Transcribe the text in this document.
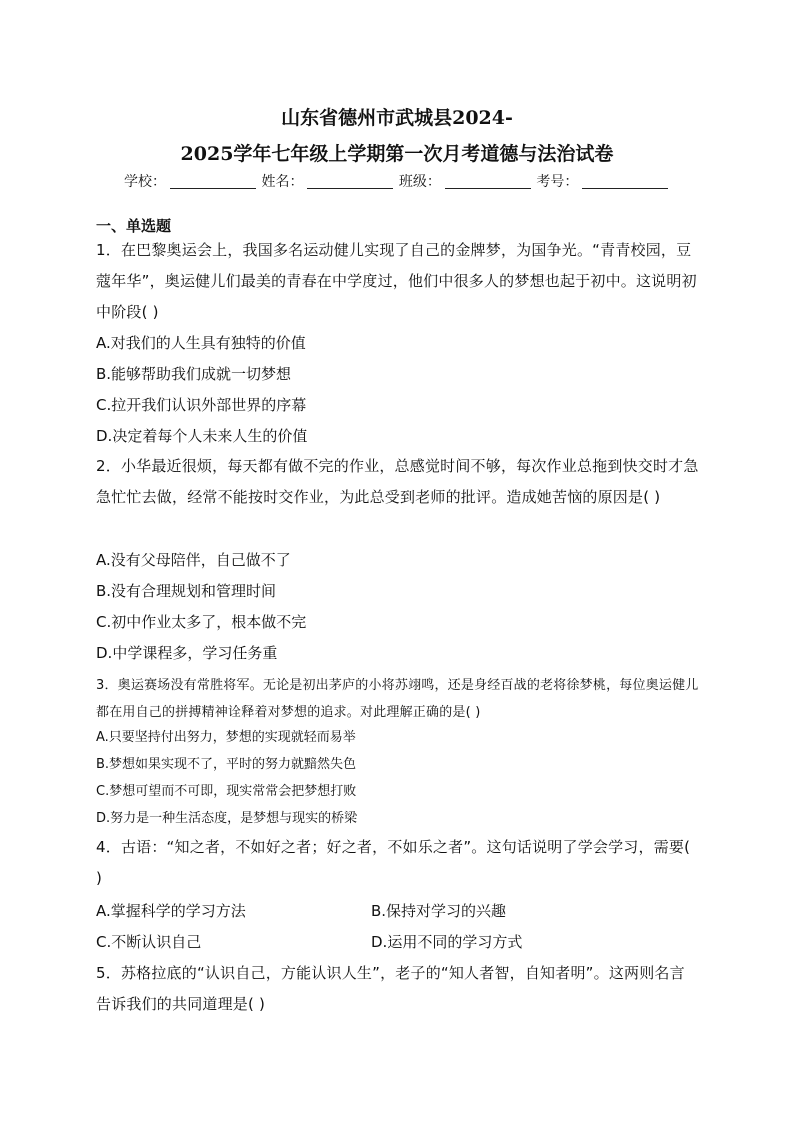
山东省德州市武城县2024-
2025学年七年级上学期第一次月考道德与法治试卷
学校：	姓名：	班级：	考号：
一、单选题
1．在巴黎奥运会上，我国多名运动健儿实现了自己的金牌梦，为国争光。“青青校园，豆蔻年华”，奥运健儿们最美的青春在中学度过，他们中很多人的梦想也起于初中。这说明初中阶段( )
A.对我们的人生具有独特的价值
B.能够帮助我们成就一切梦想
C.拉开我们认识外部世界的序幕
D.决定着每个人未来人生的价值
2．小华最近很烦，每天都有做不完的作业，总感觉时间不够，每次作业总拖到快交时才急急忙忙去做，经常不能按时交作业，为此总受到老师的批评。造成她苦恼的原因是( )
A.没有父母陪伴，自己做不了
B.没有合理规划和管理时间
C.初中作业太多了，根本做不完
D.中学课程多，学习任务重
3．奥运赛场没有常胜将军。无论是初出茅庐的小将苏翊鸣，还是身经百战的老将徐梦桃，每位奥运健儿都在用自己的拼搏精神诠释着对梦想的追求。对此理解正确的是( )
A.只要坚持付出努力，梦想的实现就轻而易举
B.梦想如果实现不了，平时的努力就黯然失色
C.梦想可望而不可即，现实常常会把梦想打败
D.努力是一种生活态度，是梦想与现实的桥梁
4．古语：“知之者，不如好之者；好之者，不如乐之者”。这句话说明了学会学习，需要( )
A.掌握科学的学习方法	B.保持对学习的兴趣
C.不断认识自己	D.运用不同的学习方式
5．苏格拉底的“认识自己，方能认识人生”，老子的“知人者智，自知者明”。这两则名言告诉我们的共同道理是( )
